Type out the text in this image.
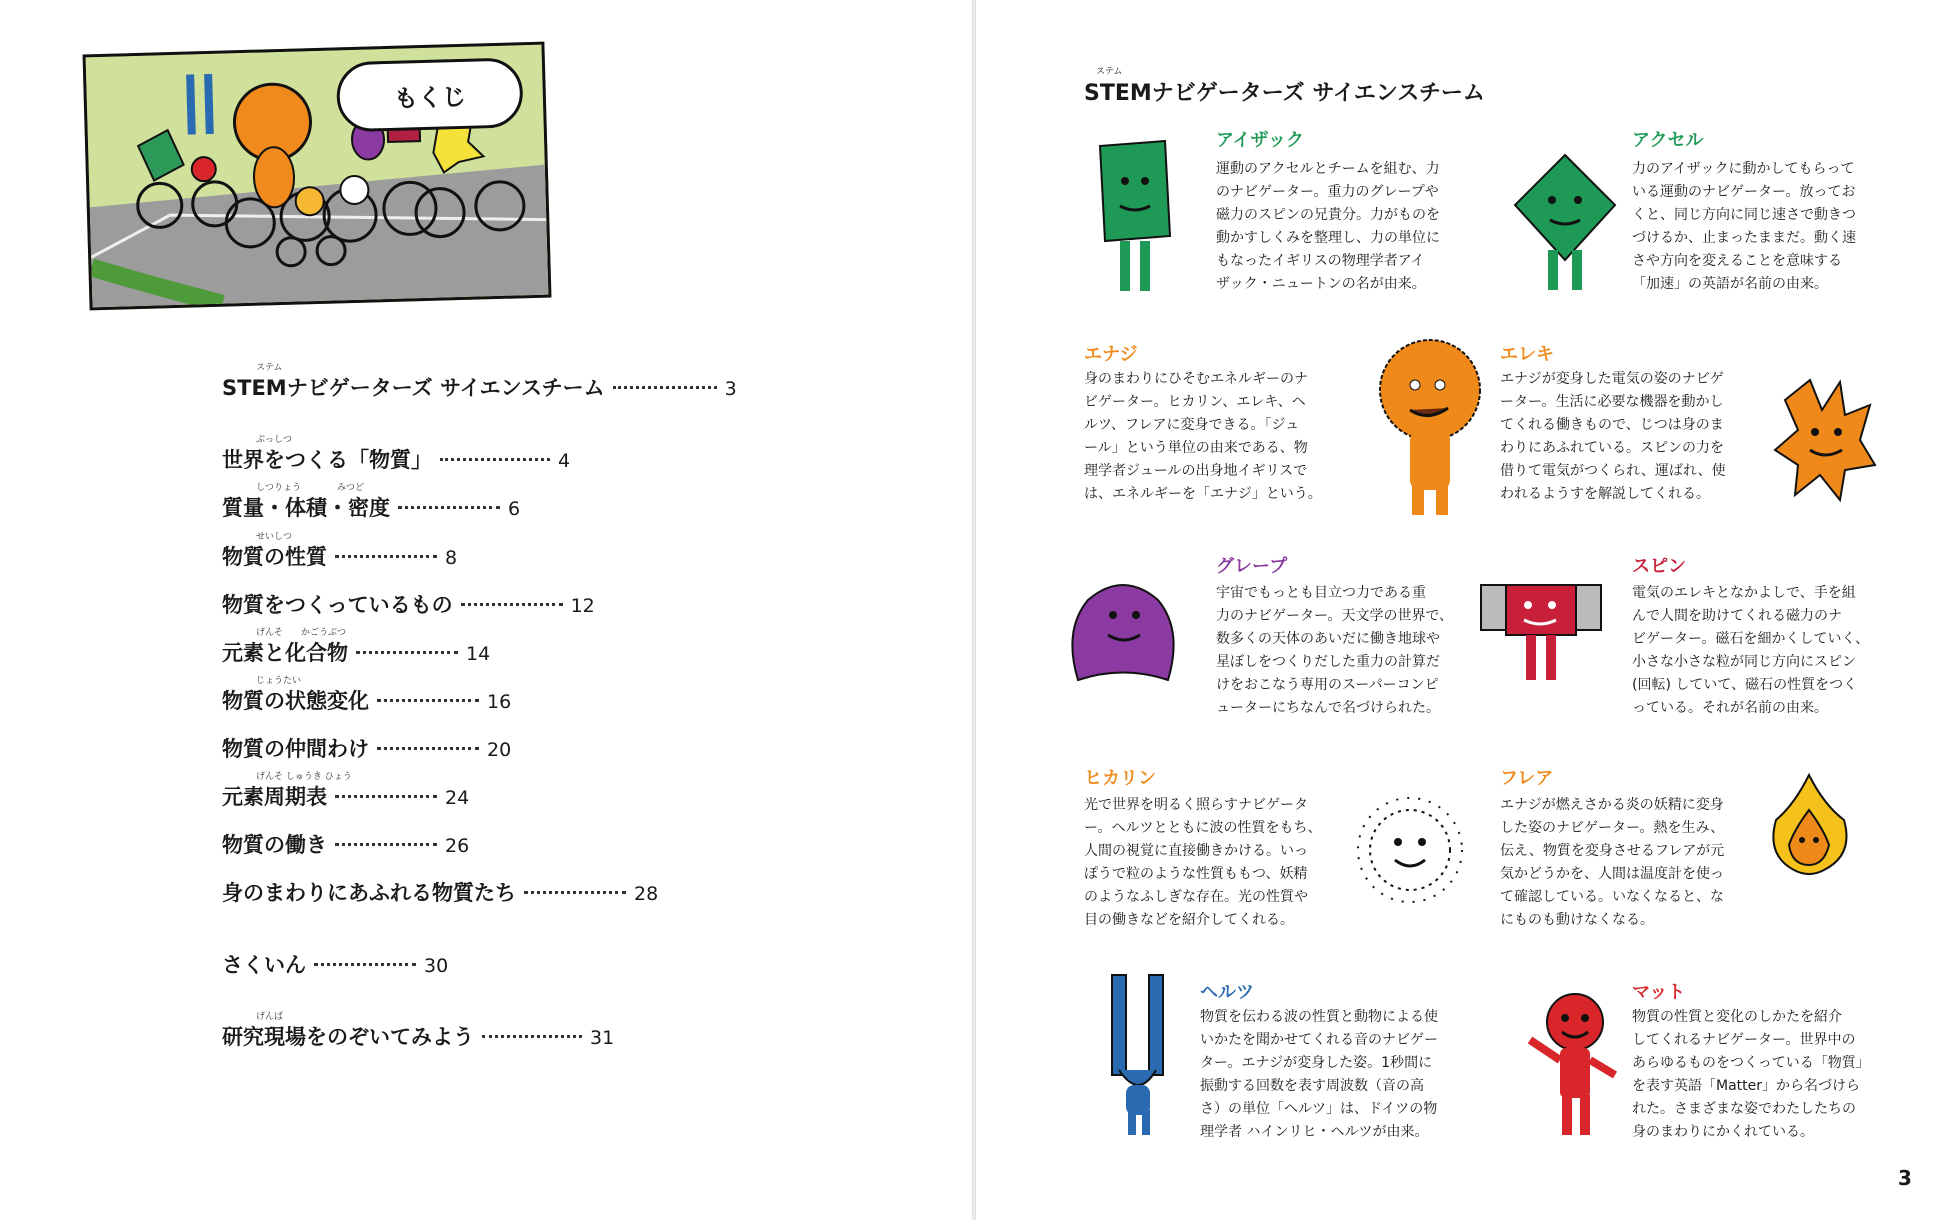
もくじ
ステム
STEMナビゲーターズ サイエンスチーム	3
ぶっしつ
世界をつくる「物質」	4
しつりょう　　　　みつど
質量・体積・密度	6
せいしつ
物質の性質	8
物質をつくっているもの	12
げんそ　　かごうぶつ
元素と化合物	14
じょうたい
物質の状態変化	16
物質の仲間わけ	20
げんそ しゅうき ひょう
元素周期表	24
物質の働き	26
身のまわりにあふれる物質たち	28
さくいん	30
げんば
研究現場をのぞいてみよう	31
ステム
STEMナビゲーターズ サイエンスチーム
アイザック
運動のアクセルとチームを組む、力
のナビゲーター。重力のグレープや
磁力のスピンの兄貴分。力がものを
動かすしくみを整理し、力の単位に
もなったイギリスの物理学者アイ
ザック・ニュートンの名が由来。
アクセル
力のアイザックに動かしてもらって
いる運動のナビゲーター。放ってお
くと、同じ方向に同じ速さで動きつ
づけるか、止まったままだ。動く速
さや方向を変えることを意味する
「加速」の英語が名前の由来。
エナジ
身のまわりにひそむエネルギーのナ
ビゲーター。ヒカリン、エレキ、ヘ
ルツ、フレアに変身できる。「ジュ
ール」という単位の由来である、物
理学者ジュールの出身地イギリスで
は、エネルギーを「エナジ」という。
エレキ
エナジが変身した電気の姿のナビゲ
ーター。生活に必要な機器を動かし
てくれる働きもので、じつは身のま
わりにあふれている。スピンの力を
借りて電気がつくられ、運ばれ、使
われるようすを解説してくれる。
グレープ
宇宙でもっとも目立つ力である重
力のナビゲーター。天文学の世界で、
数多くの天体のあいだに働き地球や
星ぼしをつくりだした重力の計算だ
けをおこなう専用のスーパーコンピ
ューターにちなんで名づけられた。
スピン
電気のエレキとなかよしで、手を組
んで人間を助けてくれる磁力のナ
ビゲーター。磁石を細かくしていく、
小さな小さな粒が同じ方向にスピン
(回転) していて、磁石の性質をつく
っている。それが名前の由来。
ヒカリン
光で世界を明るく照らすナビゲータ
ー。ヘルツとともに波の性質をもち、
人間の視覚に直接働きかける。いっ
ぽうで粒のような性質ももつ、妖精
のようなふしぎな存在。光の性質や
目の働きなどを紹介してくれる。
フレア
エナジが燃えさかる炎の妖精に変身
した姿のナビゲーター。熱を生み、
伝え、物質を変身させるフレアが元
気かどうかを、人間は温度計を使っ
て確認している。いなくなると、な
にものも動けなくなる。
ヘルツ
物質を伝わる波の性質と動物による使
いかたを聞かせてくれる音のナビゲー
ター。エナジが変身した姿。1秒間に
振動する回数を表す周波数（音の高
さ）の単位「ヘルツ」は、ドイツの物
理学者 ハインリヒ・ヘルツが由来。
マット
物質の性質と変化のしかたを紹介
してくれるナビゲーター。世界中の
あらゆるものをつくっている「物質」
を表す英語「Matter」から名づけら
れた。さまざまな姿でわたしたちの
身のまわりにかくれている。
3
